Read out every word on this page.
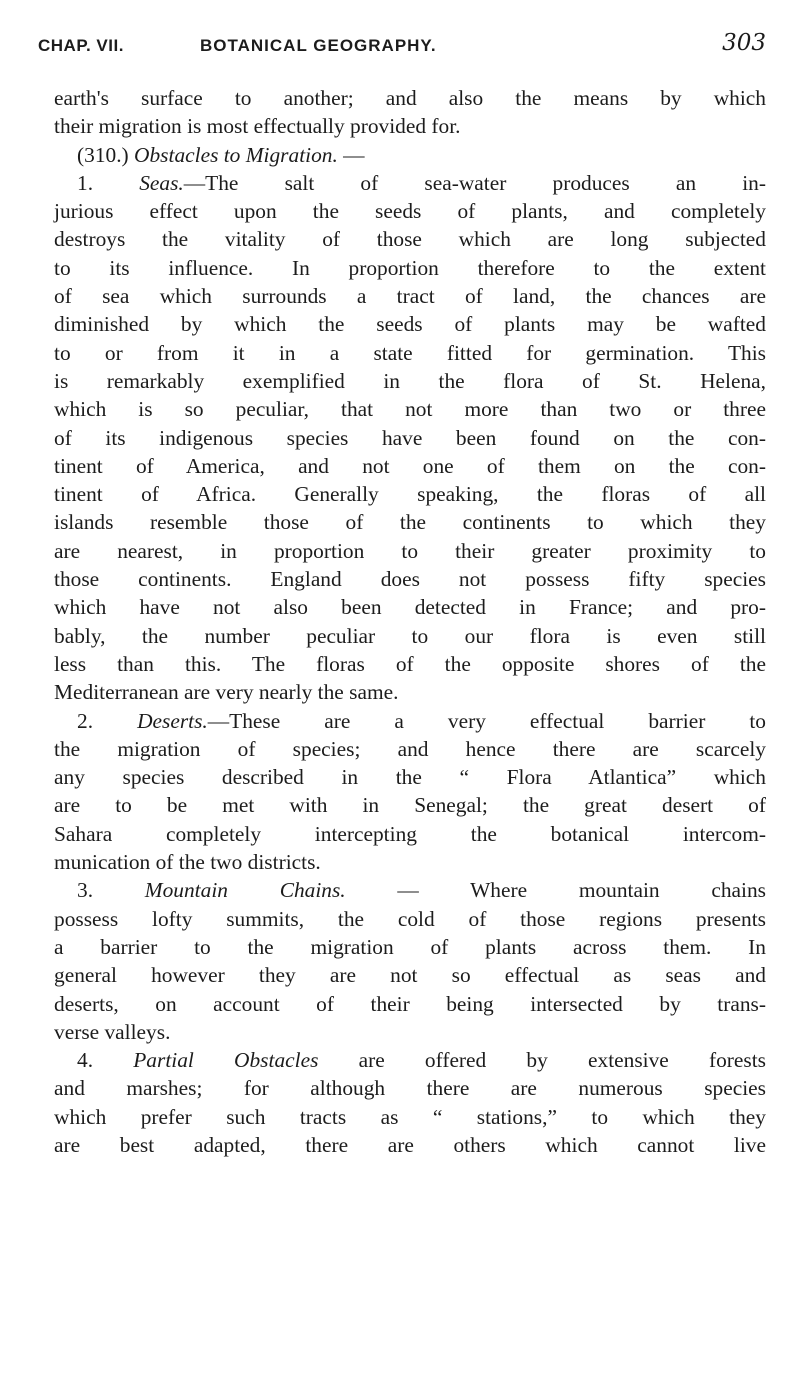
CHAP. VII.	BOTANICAL GEOGRAPHY.	303
earth's surface to another; and also the means by which
their migration is most effectually provided for.
(310.) Obstacles to Migration. —
1. Seas.—The salt of sea-water produces an in-
jurious effect upon the seeds of plants, and completely
destroys the vitality of those which are long subjected
to its influence. In proportion therefore to the extent
of sea which surrounds a tract of land, the chances are
diminished by which the seeds of plants may be wafted
to or from it in a state fitted for germination. This
is remarkably exemplified in the flora of St. Helena,
which is so peculiar, that not more than two or three
of its indigenous species have been found on the con-
tinent of America, and not one of them on the con-
tinent of Africa. Generally speaking, the floras of all
islands resemble those of the continents to which they
are nearest, in proportion to their greater proximity to
those continents. England does not possess fifty species
which have not also been detected in France; and pro-
bably, the number peculiar to our flora is even still
less than this. The floras of the opposite shores of the
Mediterranean are very nearly the same.
2. Deserts.—These are a very effectual barrier to
the migration of species; and hence there are scarcely
any species described in the “ Flora Atlantica” which
are to be met with in Senegal; the great desert of
Sahara completely intercepting the botanical intercom-
munication of the two districts.
3. Mountain Chains. — Where mountain chains
possess lofty summits, the cold of those regions presents
a barrier to the migration of plants across them. In
general however they are not so effectual as seas and
deserts, on account of their being intersected by trans-
verse valleys.
4. Partial Obstacles are offered by extensive forests
and marshes; for although there are numerous species
which prefer such tracts as “ stations,” to which they
are best adapted, there are others which cannot live
